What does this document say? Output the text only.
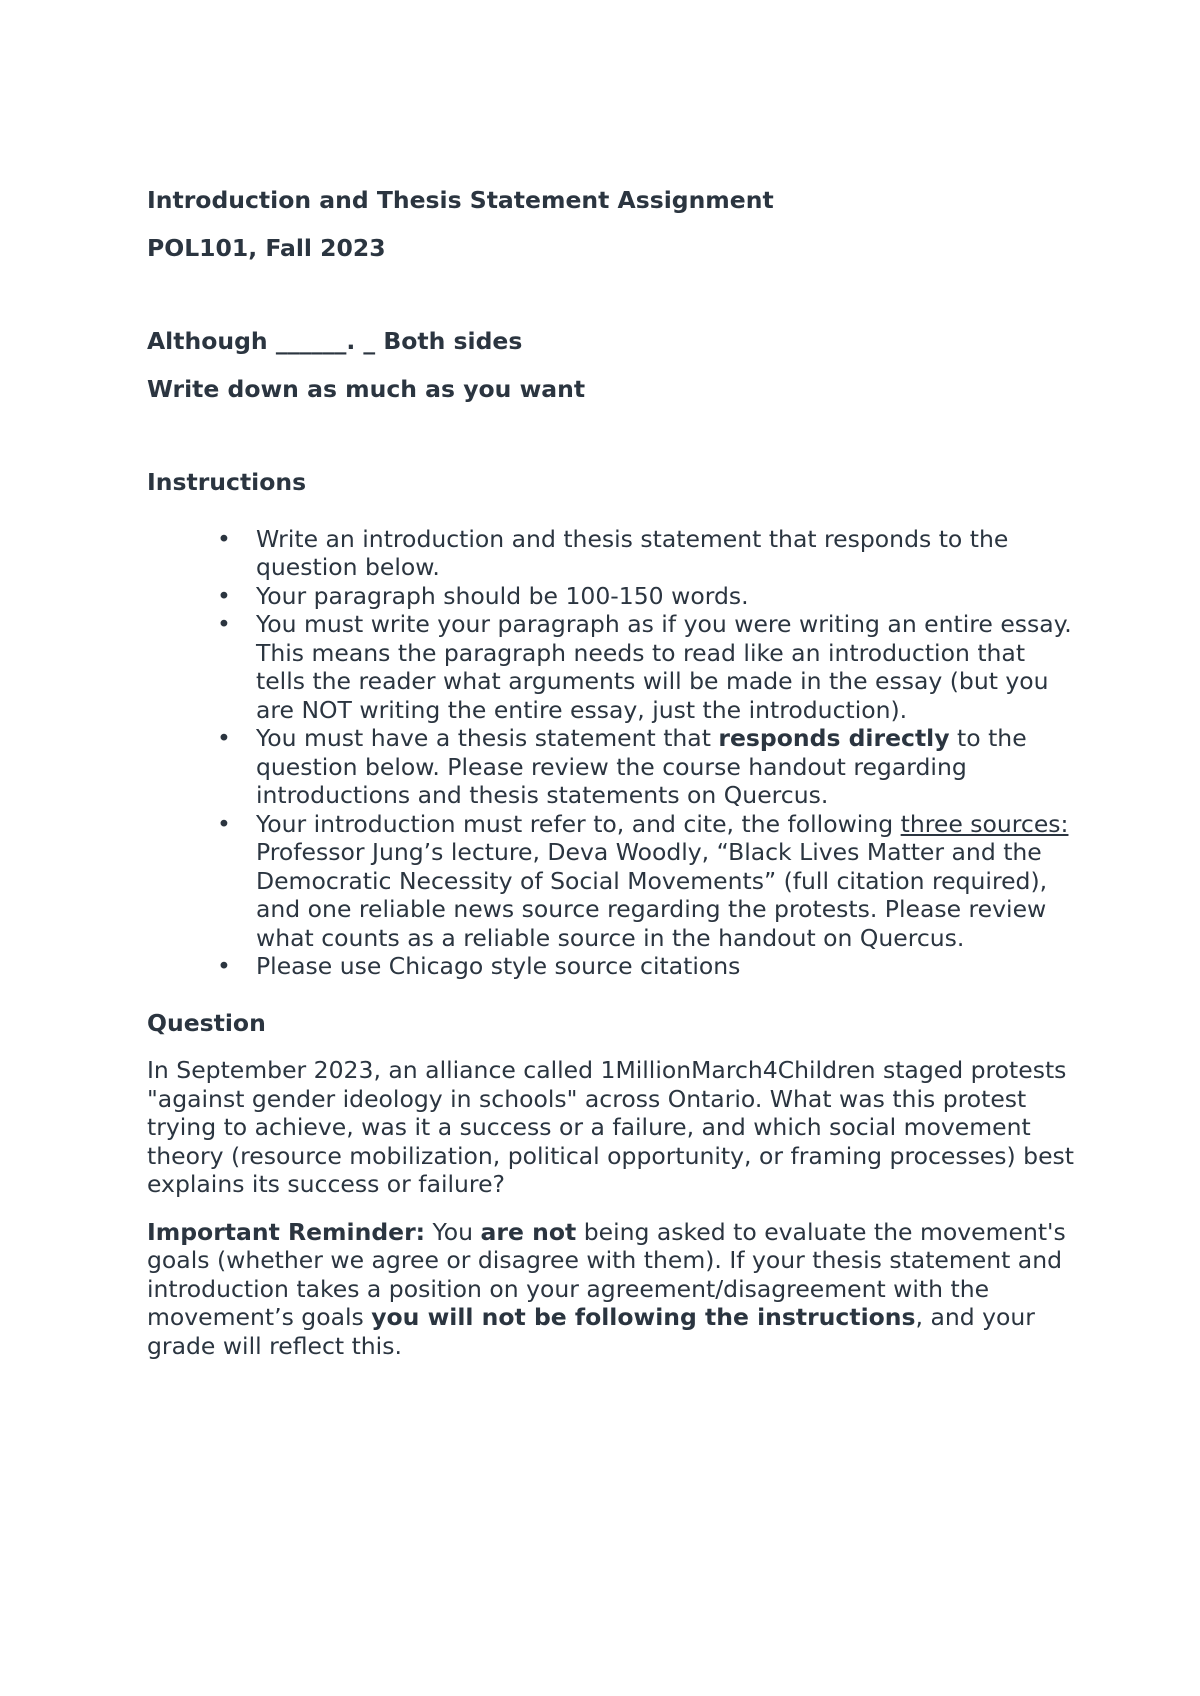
Introduction and Thesis Statement Assignment

POL101, Fall 2023

Although ______. _ Both sides

Write down as much as you want

Instructions

• Write an introduction and thesis statement that responds to the question below.
• Your paragraph should be 100-150 words.
• You must write your paragraph as if you were writing an entire essay. This means the paragraph needs to read like an introduction that tells the reader what arguments will be made in the essay (but you are NOT writing the entire essay, just the introduction).
• You must have a thesis statement that responds directly to the question below. Please review the course handout regarding introductions and thesis statements on Quercus.
• Your introduction must refer to, and cite, the following three sources: Professor Jung’s lecture, Deva Woodly, “Black Lives Matter and the Democratic Necessity of Social Movements” (full citation required), and one reliable news source regarding the protests. Please review what counts as a reliable source in the handout on Quercus.
• Please use Chicago style source citations

Question

In September 2023, an alliance called 1MillionMarch4Children staged protests "against gender ideology in schools" across Ontario. What was this protest trying to achieve, was it a success or a failure, and which social movement theory (resource mobilization, political opportunity, or framing processes) best explains its success or failure?

Important Reminder: You are not being asked to evaluate the movement's goals (whether we agree or disagree with them). If your thesis statement and introduction takes a position on your agreement/disagreement with the movement’s goals you will not be following the instructions, and your grade will reflect this.
